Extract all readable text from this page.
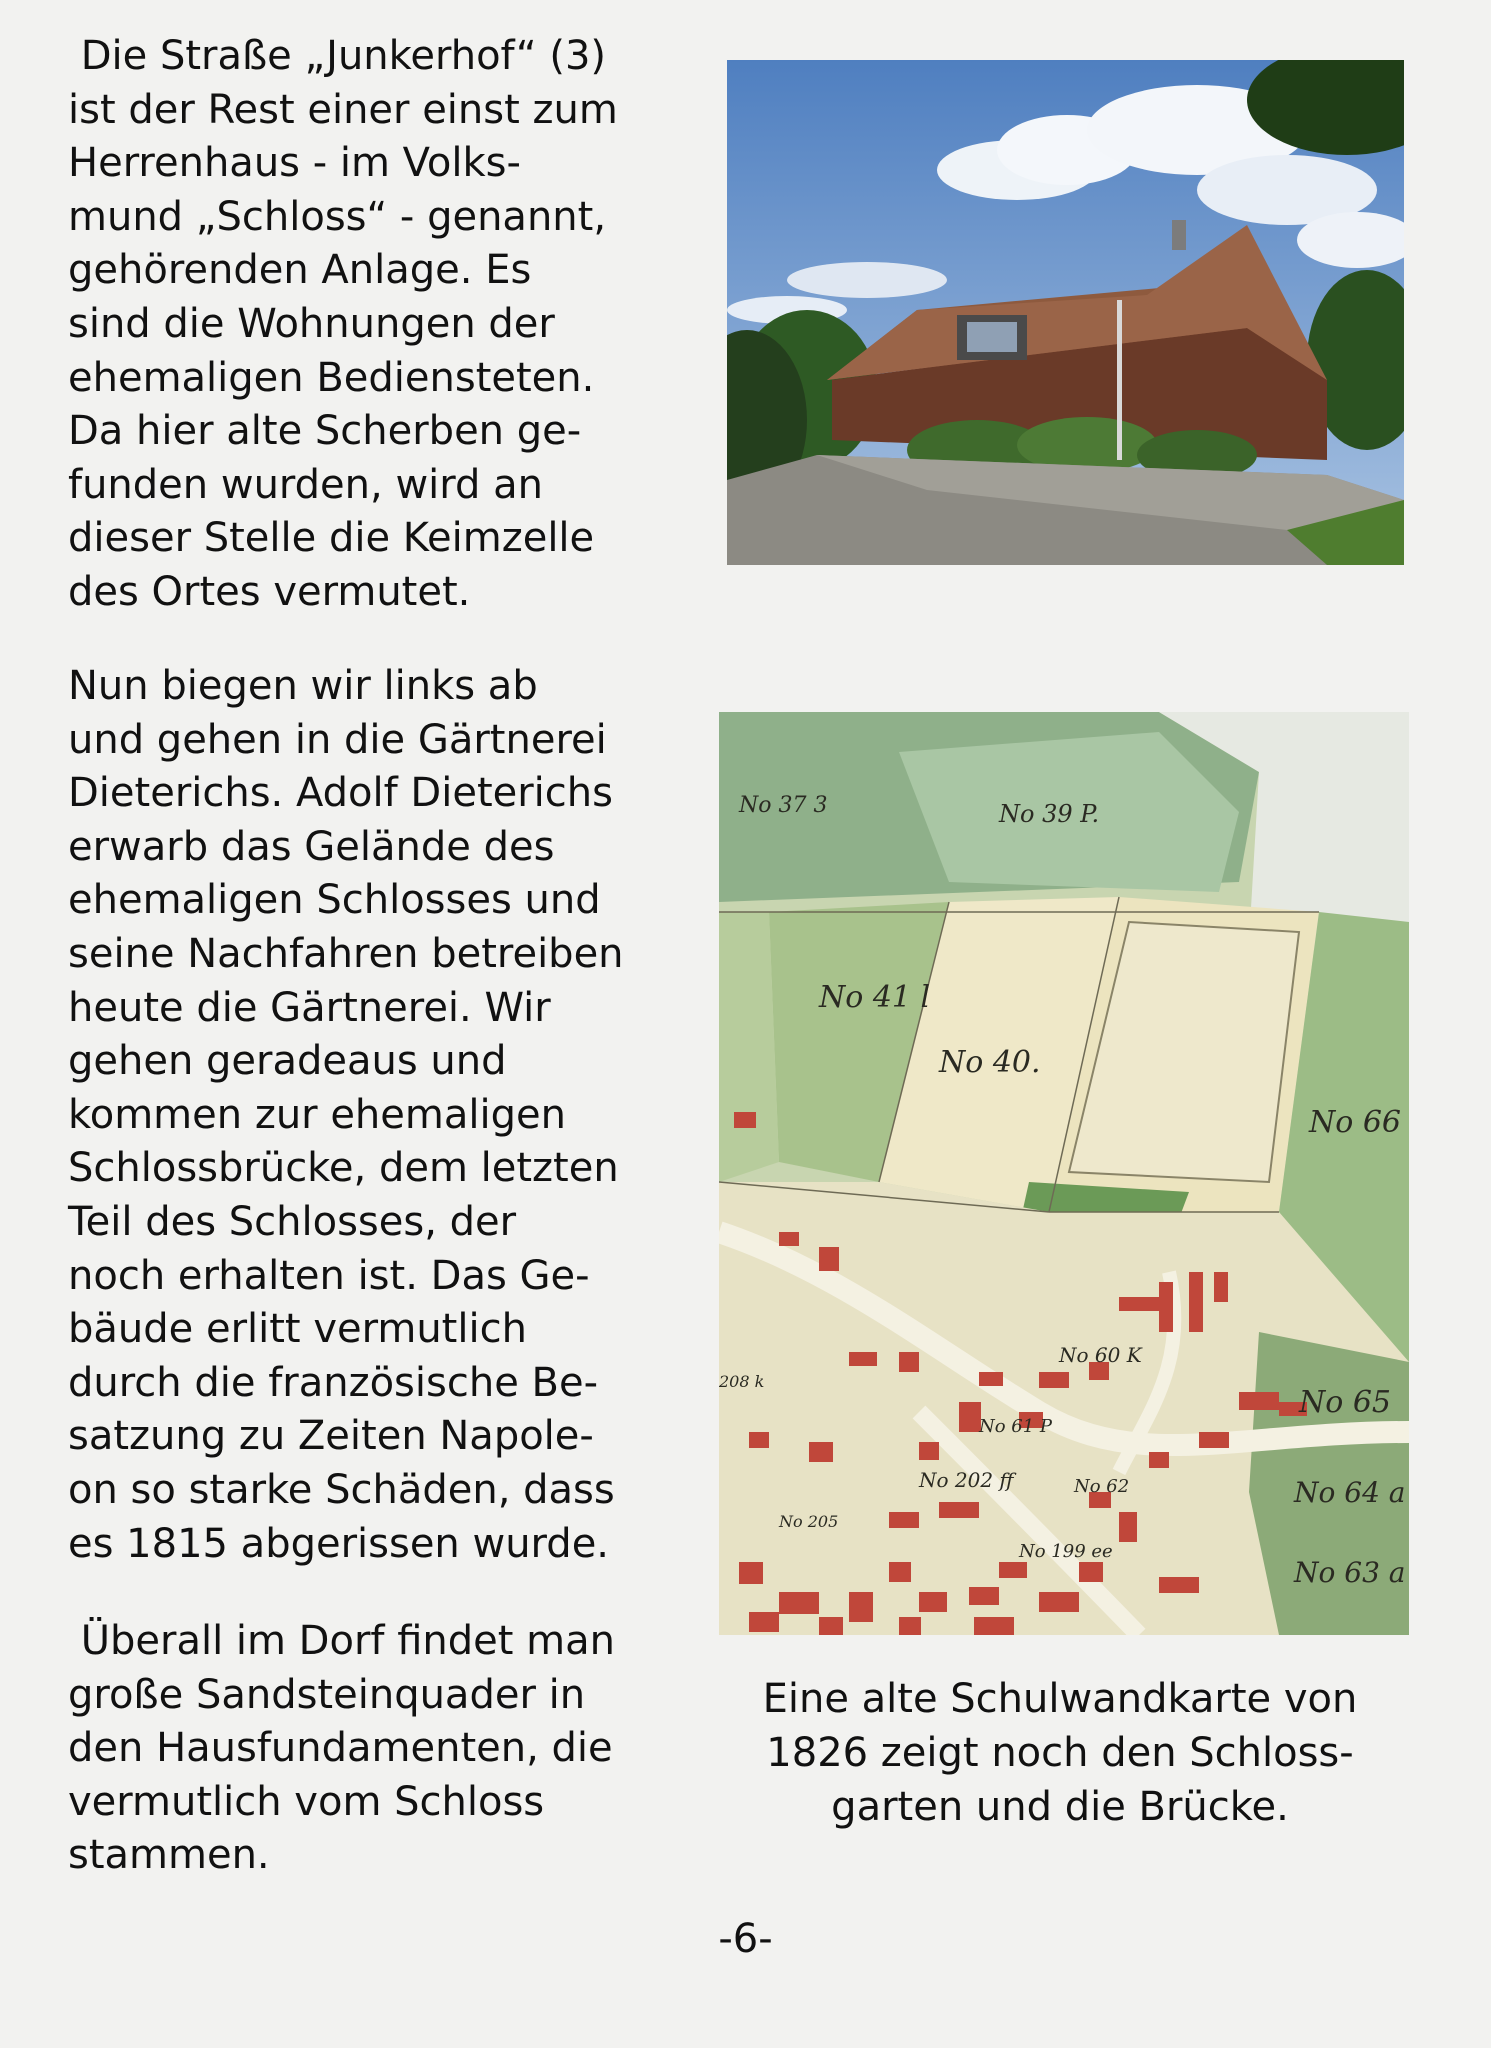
Die Straße „Junkerhof“ (3)
ist der Rest einer einst zum
Herrenhaus - im Volks-
mund „Schloss“ - genannt,
gehörenden Anlage. Es
sind die Wohnungen der
ehemaligen Bediensteten.
Da hier alte Scherben ge-
funden wurden, wird an
dieser Stelle die Keimzelle
des Ortes vermutet.

Nun biegen wir links ab
und gehen in die Gärtnerei
Dieterichs. Adolf Dieterichs
erwarb das Gelände des
ehemaligen Schlosses und
seine Nachfahren betreiben
heute die Gärtnerei. Wir
gehen geradeaus und
kommen zur ehemaligen
Schlossbrücke, dem letzten
Teil des Schlosses, der
noch erhalten ist. Das Ge-
bäude erlitt vermutlich
durch die französische Be-
satzung zu Zeiten Napole-
on so starke Schäden, dass
es 1815 abgerissen wurde.

Überall im Dorf findet man
große Sandsteinquader in
den Hausfundamenten, die
vermutlich vom Schloss
stammen.

No 41 l
No 40.
No 39 P.
No 37 3
No 66
No 65
No 64 a
No 63 a
No 202 ff
No 61 P
No 60 K
No 62
No 199 ee
No 205
208 k
Eine alte Schulwandkarte von
1826 zeigt noch den Schloss-
garten und die Brücke.
-6-
